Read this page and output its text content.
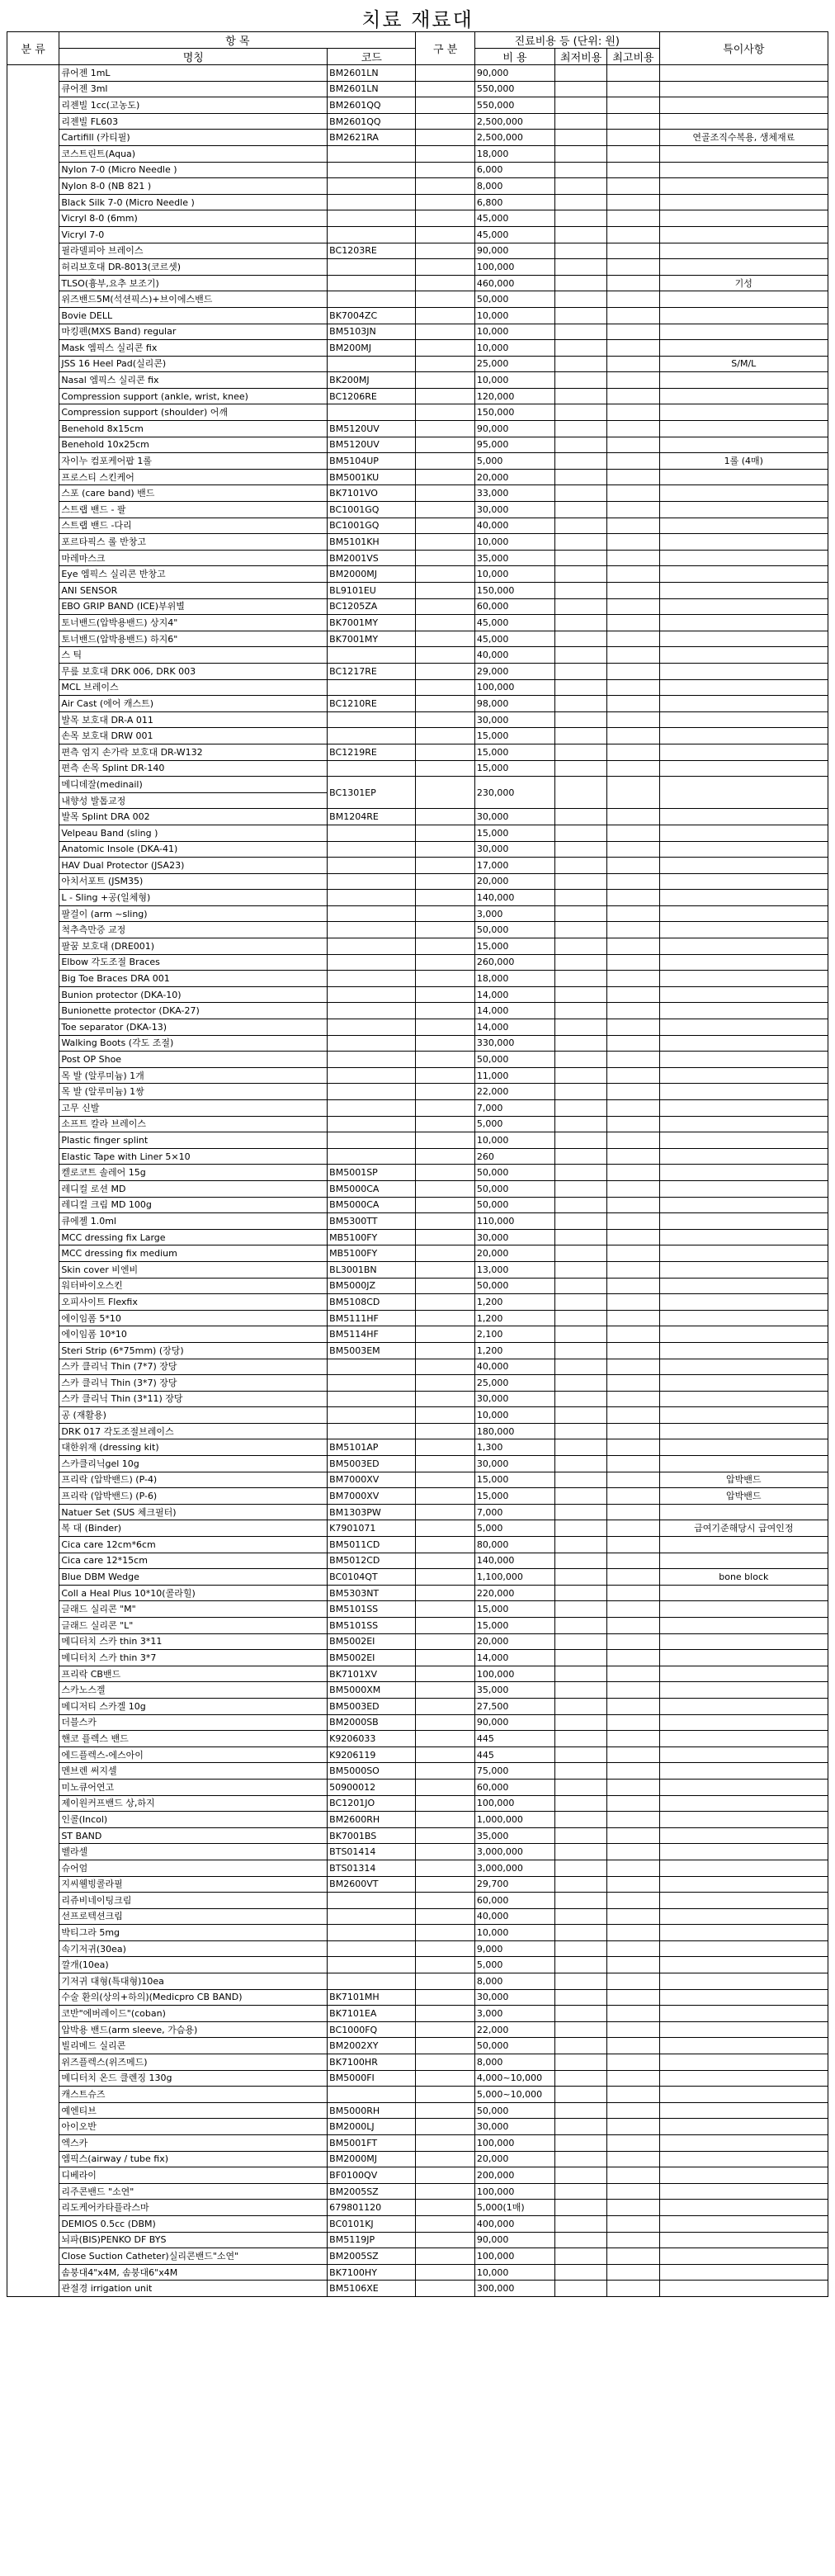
치료 재료대
분 류	항 목		구 분	진료비용 등 (단위: 원)			특이사항
	명칭	코드		비 용	최저비용	최고비용	
	큐어젠 1mL	BM2601LN		90,000			
	큐어젠 3ml	BM2601LN		550,000			
	리젠빌 1cc(고농도)	BM2601QQ		550,000			
	리젠빌 FL603	BM2601QQ		2,500,000			
	Cartifill (카티필)	BM2621RA		2,500,000			연골조직수복용, 생체재료
	코스트린트(Aqua)			18,000			
	Nylon 7-0 (Micro Needle )			6,000			
	Nylon 8-0 (NB 821 )			8,000			
	Black Silk 7-0 (Micro Needle )			6,800			
	Vicryl 8-0 (6mm)			45,000			
	Vicryl 7-0			45,000			
	필라델피아 브레이스	BC1203RE		90,000			
	허리보호대 DR-8013(코르셋)			100,000			
	TLSO(흉부,요추 보조기)			460,000			기성
	위즈밴드5M(석션픽스)+브이에스밴드			50,000			
	Bovie DELL	BK7004ZC		10,000			
	마킹펜(MXS Band) regular	BM5103JN		10,000			
	Mask 엠픽스 실리콘 fix	BM200MJ		10,000			
	JSS 16 Heel Pad(실리콘)			25,000			S/M/L
	Nasal 엠픽스 실리콘 fix	BK200MJ		10,000			
	Compression support (ankle, wrist, knee)	BC1206RE		120,000			
	Compression support (shoulder) 어깨			150,000			
	Benehold 8x15cm	BM5120UV		90,000			
	Benehold 10x25cm	BM5120UV		95,000			
	자이누 컴포케어팝 1롤	BM5104UP		5,000			1롤 (4매)
	프로스티 스킨케어	BM5001KU		20,000			
	스포 (care band) 밴드	BK7101VO		33,000			
	스트랩 밴드 - 팔	BC1001GQ		30,000			
	스트랩 밴드 -다리	BC1001GQ		40,000			
	포르타픽스 롤 반창고	BM5101KH		10,000			
	마레마스크	BM2001VS		35,000			
	Eye 엠픽스 실리콘 반창고	BM2000MJ		10,000			
	ANI SENSOR	BL9101EU		150,000			
	EBO GRIP BAND (ICE)부위별	BC1205ZA		60,000			
	토너밴드(압박용밴드) 상지4"	BK7001MY		45,000			
	토너밴드(압박용밴드) 하지6"	BK7001MY		45,000			
	스 틱			40,000			
	무릎 보호대 DRK 006, DRK 003	BC1217RE		29,000			
	MCL 브레이스			100,000			
	Air Cast (에어 캐스트)	BC1210RE		98,000			
	발목 보호대 DR-A 011			30,000			
	손목 보호대 DRW 001			15,000			
	편측 엄지 손가락 보호대 DR-W132	BC1219RE		15,000			
	편측 손목 Splint DR-140			15,000			
	메디데잘(medinail)	BC1301EP		230,000			
	내향성 발톱교정						
	발목 Splint DRA 002	BM1204RE		30,000			
	Velpeau Band (sling )			15,000			
	Anatomic Insole (DKA-41)			30,000			
	HAV Dual Protector (JSA23)			17,000			
	아치서포트 (JSM35)			20,000			
	L - Sling +공(일체형)			140,000			
	팔걸이 (arm ~sling)			3,000			
	척추측만증 교정			50,000			
	팔꿈 보호대 (DRE001)			15,000			
	Elbow 각도조절 Braces			260,000			
	Big Toe Braces DRA 001			18,000			
	Bunion protector (DKA-10)			14,000			
	Bunionette protector (DKA-27)			14,000			
	Toe separator (DKA-13)			14,000			
	Walking Boots (각도 조절)			330,000			
	Post OP Shoe			50,000			
	목 발 (알루미늄) 1개			11,000			
	목 발 (알루미늄) 1쌍			22,000			
	고무 신발			7,000			
	소프트 칼라 브레이스			5,000			
	Plastic finger splint			10,000			
	Elastic Tape with Liner 5×10			260			
	켈로코트 솔레어 15g	BM5001SP		50,000			
	레디컬 로션 MD	BM5000CA		50,000			
	레디컬 크림 MD 100g	BM5000CA		50,000			
	큐에젤 1.0ml	BM5300TT		110,000			
	MCC dressing fix Large	MB5100FY		30,000			
	MCC dressing fix medium	MB5100FY		20,000			
	Skin cover 비엔비	BL3001BN		13,000			
	워터바이오스킨	BM5000JZ		50,000			
	오피사이트 Flexfix	BM5108CD		1,200			
	에이임폼 5*10	BM5111HF		1,200			
	에이임폼 10*10	BM5114HF		2,100			
	Steri Strip (6*75mm) (장당)	BM5003EM		1,200			
	스카 클리닉 Thin (7*7) 장당			40,000			
	스카 클리닉 Thin (3*7) 장당			25,000			
	스카 클리닉 Thin (3*11) 장당			30,000			
	공 (재활용)			10,000			
	DRK 017 각도조절브레이스			180,000			
	대한위재 (dressing kit)	BM5101AP		1,300			
	스카클리닉gel 10g	BM5003ED		30,000			
	프리락 (압박밴드) (P-4)	BM7000XV		15,000			압박밴드
	프리락 (압박밴드) (P-6)	BM7000XV		15,000			압박밴드
	Natuer Set (SUS 체크필터)	BM1303PW		7,000			
	복 대 (Binder)	K7901071		5,000			급여기준해당시 급여인정
	Cica care 12cm*6cm	BM5011CD		80,000			
	Cica care 12*15cm	BM5012CD		140,000			
	Blue DBM Wedge	BC0104QT		1,100,000			bone block
	Coll a Heal Plus 10*10(콜라힐)	BM5303NT		220,000			
	글래드 실리콘 "M"	BM5101SS		15,000			
	글래드 실리콘 "L"	BM5101SS		15,000			
	메디터치 스카 thin 3*11	BM5002EI		20,000			
	메디터치 스카 thin 3*7	BM5002EI		14,000			
	프리락 CB밴드	BK7101XV		100,000			
	스카노스겔	BM5000XM		35,000			
	메디저티 스카겔 10g	BM5003ED		27,500			
	더블스카	BM2000SB		90,000			
	핸코 플렉스 밴드	K9206033		445			
	에드플렉스-에스아이	K9206119		445			
	멘브렌 써지셀	BM5000SO		75,000			
	미노큐어연고	50900012		60,000			
	제이원커프밴드 상,하지	BC1201JO		100,000			
	인콜(Incol)	BM2600RH		1,000,000			
	ST BAND	BK7001BS		35,000			
	벨라셀	BTS01414		3,000,000			
	슈어엄	BTS01314		3,000,000			
	지씨웰빙콜라필	BM2600VT		29,700			
	리쥬비네이팅크림			60,000			
	선프로텍션크림			40,000			
	박티그라 5mg			10,000			
	속기저귀(30ea)			9,000			
	깔개(10ea)			5,000			
	기저귀 대형(특대형)10ea			8,000			
	수술 환의(상의+하의)(Medicpro CB BAND)	BK7101MH		30,000			
	코반"에버레이드"(coban)	BK7101EA		3,000			
	압박용 밴드(arm sleeve, 가슴용)	BC1000FQ		22,000			
	빌리메드 실리콘	BM2002XY		50,000			
	위즈플렉스(위즈메드)	BK7100HR		8,000			
	메디터치 온드 클렌징 130g	BM5000FI		4,000~10,000			
	캐스트슈즈			5,000~10,000			
	예엔티브	BM5000RH		50,000			
	아이오반	BM2000LJ		30,000			
	엑스카	BM5001FT		100,000			
	엠픽스(airway / tube fix)	BM2000MJ		20,000			
	디베라이	BF0100QV		200,000			
	리주콘밴드 "소연"	BM2005SZ		100,000			
	리도케어카타플라스마	679801120		5,000(1매)			
	DEMIOS 0.5cc (DBM)	BC0101KJ		400,000			
	뇌파(BIS)PENKO DF BYS	BM5119JP		90,000			
	Close Suction Catheter)실리콘밴드"소연"	BM2005SZ		100,000			
	솜붕대4"x4M, 솜붕대6"x4M	BK7100HY		10,000			
	관절경 irrigation unit	BM5106XE		300,000			
